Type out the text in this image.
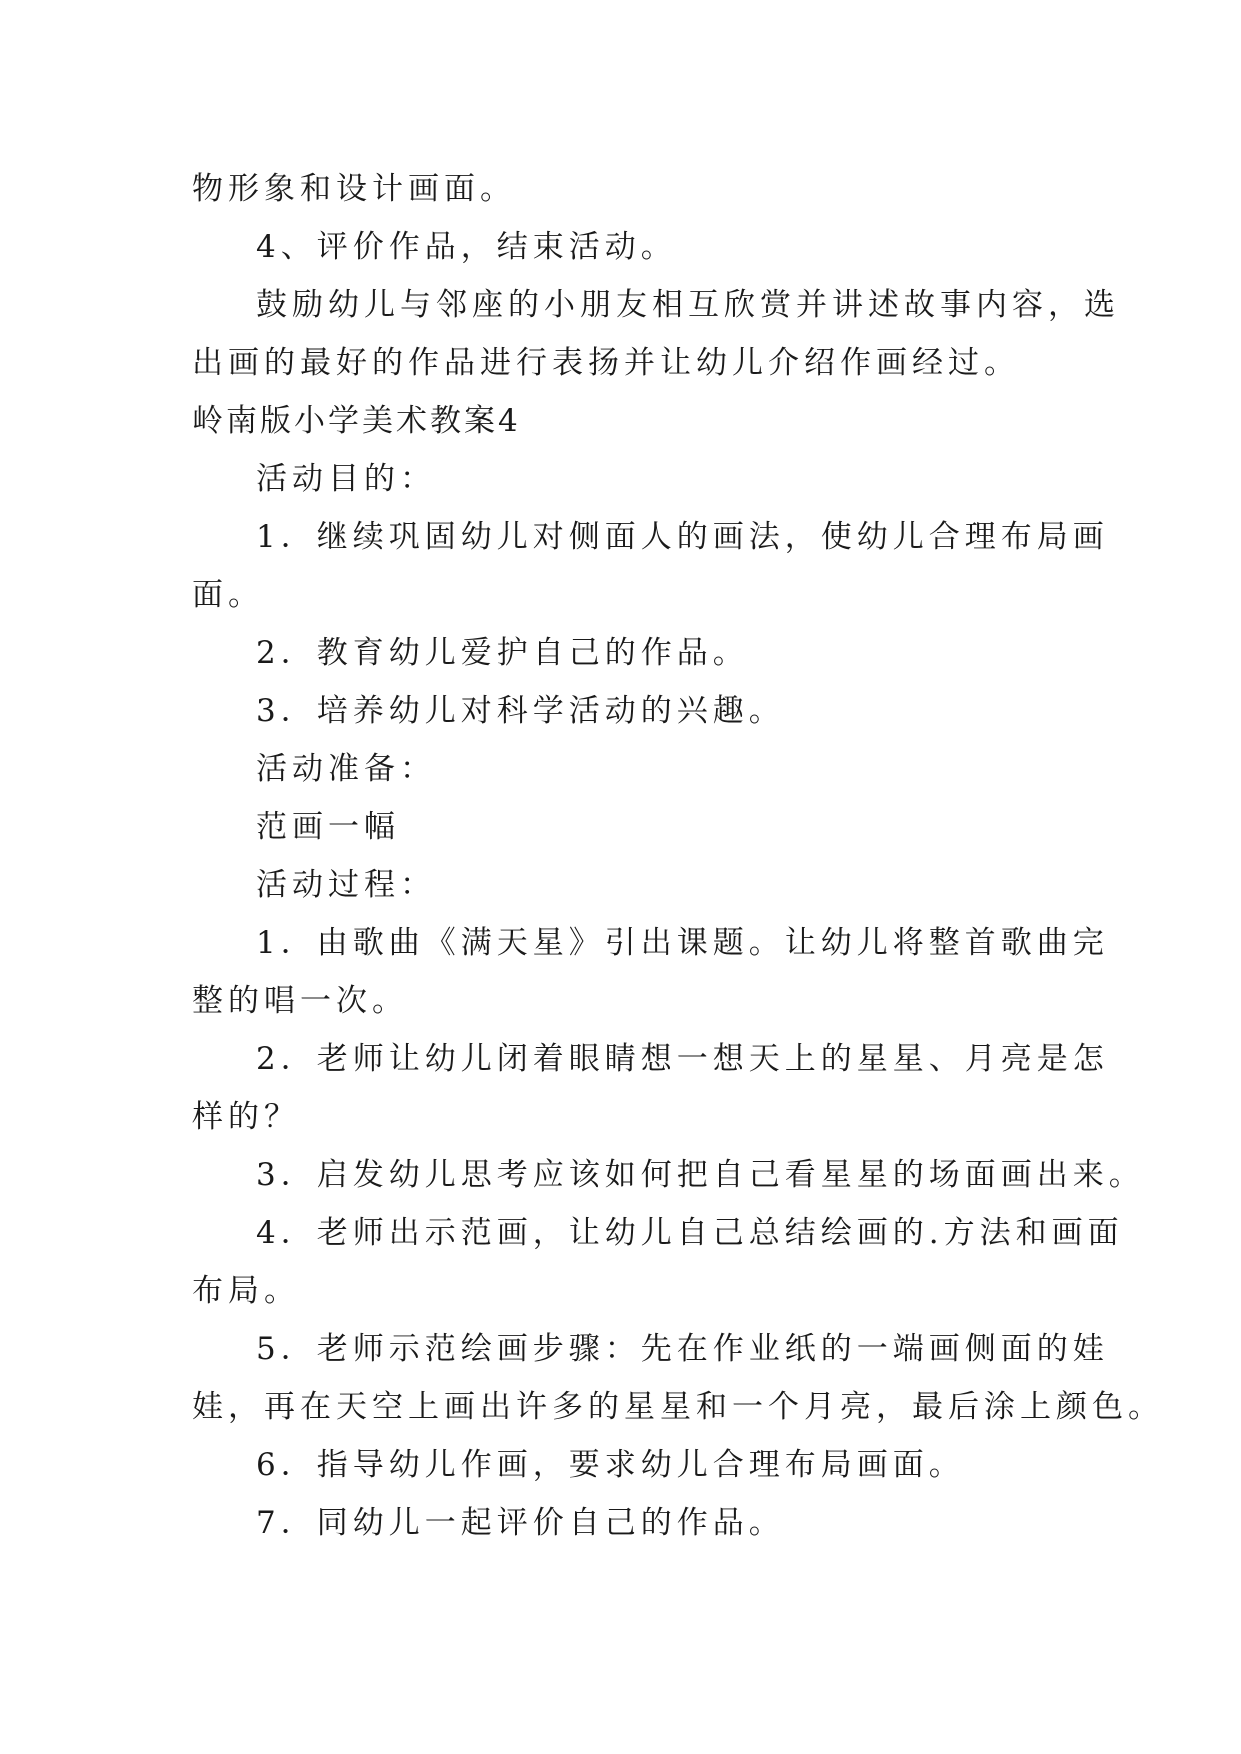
物形象和设计画面。
4、评价作品，结束活动。
鼓励幼儿与邻座的小朋友相互欣赏并讲述故事内容，选
出画的最好的作品进行表扬并让幼儿介绍作画经过。
岭南版小学美术教案4
活动目的：
1．继续巩固幼儿对侧面人的画法，使幼儿合理布局画
面。
2．教育幼儿爱护自己的作品。
3．培养幼儿对科学活动的兴趣。
活动准备：
范画一幅
活动过程：
1．由歌曲《满天星》引出课题。让幼儿将整首歌曲完
整的唱一次。
2．老师让幼儿闭着眼睛想一想天上的星星、月亮是怎
样的？
3．启发幼儿思考应该如何把自己看星星的场面画出来。
4．老师出示范画，让幼儿自己总结绘画的.方法和画面
布局。
5．老师示范绘画步骤：先在作业纸的一端画侧面的娃
娃，再在天空上画出许多的星星和一个月亮，最后涂上颜色。
6．指导幼儿作画，要求幼儿合理布局画面。
7．同幼儿一起评价自己的作品。
